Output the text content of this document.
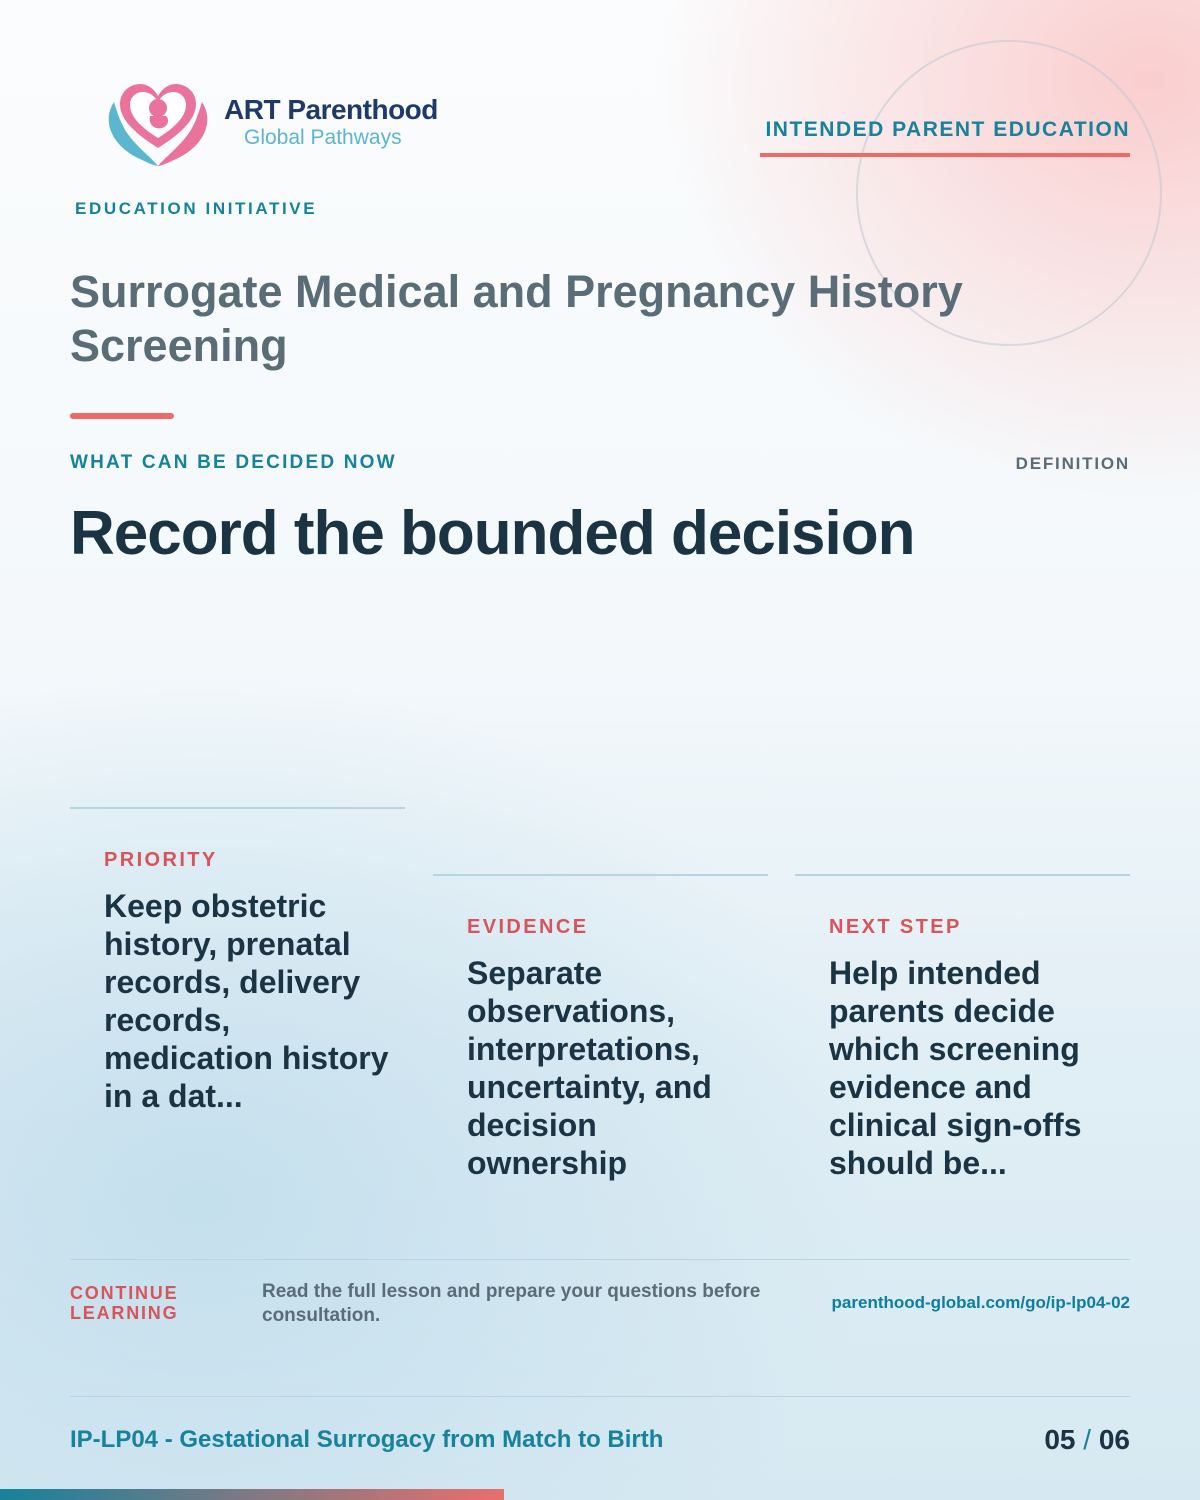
ART Parenthood
Global Pathways	INTENDED PARENT EDUCATION
EDUCATION INITIATIVE
Surrogate Medical and Pregnancy History Screening
WHAT CAN BE DECIDED NOW	DEFINITION
Record the bounded decision
PRIORITY
Keep obstetric history, prenatal records, delivery records, medication history in a dat...
EVIDENCE
Separate observations, interpretations, uncertainty, and decision ownership
NEXT STEP
Help intended parents decide which screening evidence and clinical sign-offs should be...
CONTINUE LEARNING
Read the full lesson and prepare your questions before consultation.
parenthood-global.com/go/ip-lp04-02
IP-LP04 - Gestational Surrogacy from Match to Birth	05 / 06
